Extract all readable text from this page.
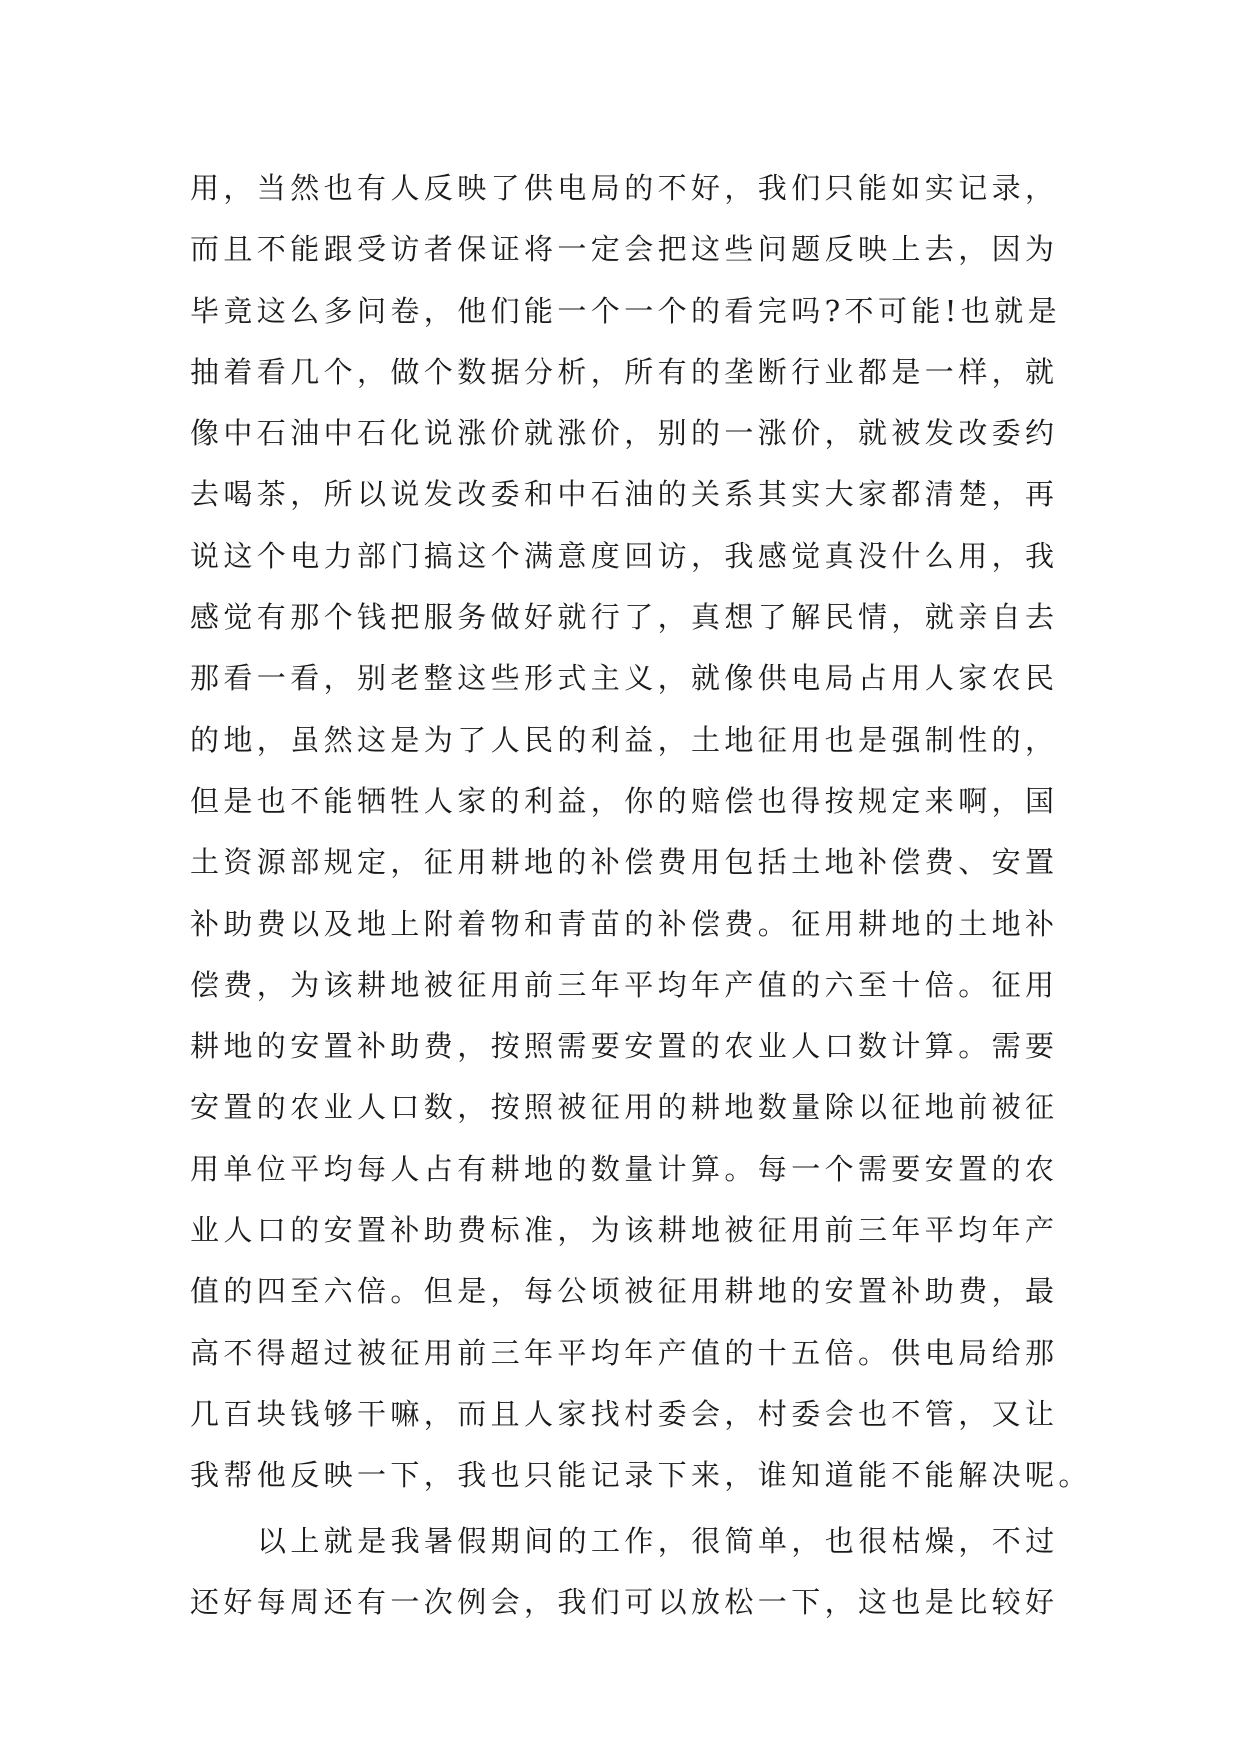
用，当然也有人反映了供电局的不好，我们只能如实记录，
而且不能跟受访者保证将一定会把这些问题反映上去，因为
毕竟这么多问卷，他们能一个一个的看完吗?不可能!也就是
抽着看几个，做个数据分析，所有的垄断行业都是一样，就
像中石油中石化说涨价就涨价，别的一涨价，就被发改委约
去喝茶，所以说发改委和中石油的关系其实大家都清楚，再
说这个电力部门搞这个满意度回访，我感觉真没什么用，我
感觉有那个钱把服务做好就行了，真想了解民情，就亲自去
那看一看，别老整这些形式主义，就像供电局占用人家农民
的地，虽然这是为了人民的利益，土地征用也是强制性的，
但是也不能牺牲人家的利益，你的赔偿也得按规定来啊，国
土资源部规定，征用耕地的补偿费用包括土地补偿费、安置
补助费以及地上附着物和青苗的补偿费。征用耕地的土地补
偿费，为该耕地被征用前三年平均年产值的六至十倍。征用
耕地的安置补助费，按照需要安置的农业人口数计算。需要
安置的农业人口数，按照被征用的耕地数量除以征地前被征
用单位平均每人占有耕地的数量计算。每一个需要安置的农
业人口的安置补助费标准，为该耕地被征用前三年平均年产
值的四至六倍。但是，每公顷被征用耕地的安置补助费，最
高不得超过被征用前三年平均年产值的十五倍。供电局给那
几百块钱够干嘛，而且人家找村委会，村委会也不管，又让
我帮他反映一下，我也只能记录下来，谁知道能不能解决呢。
以上就是我暑假期间的工作，很简单，也很枯燥，不过
还好每周还有一次例会，我们可以放松一下，这也是比较好
